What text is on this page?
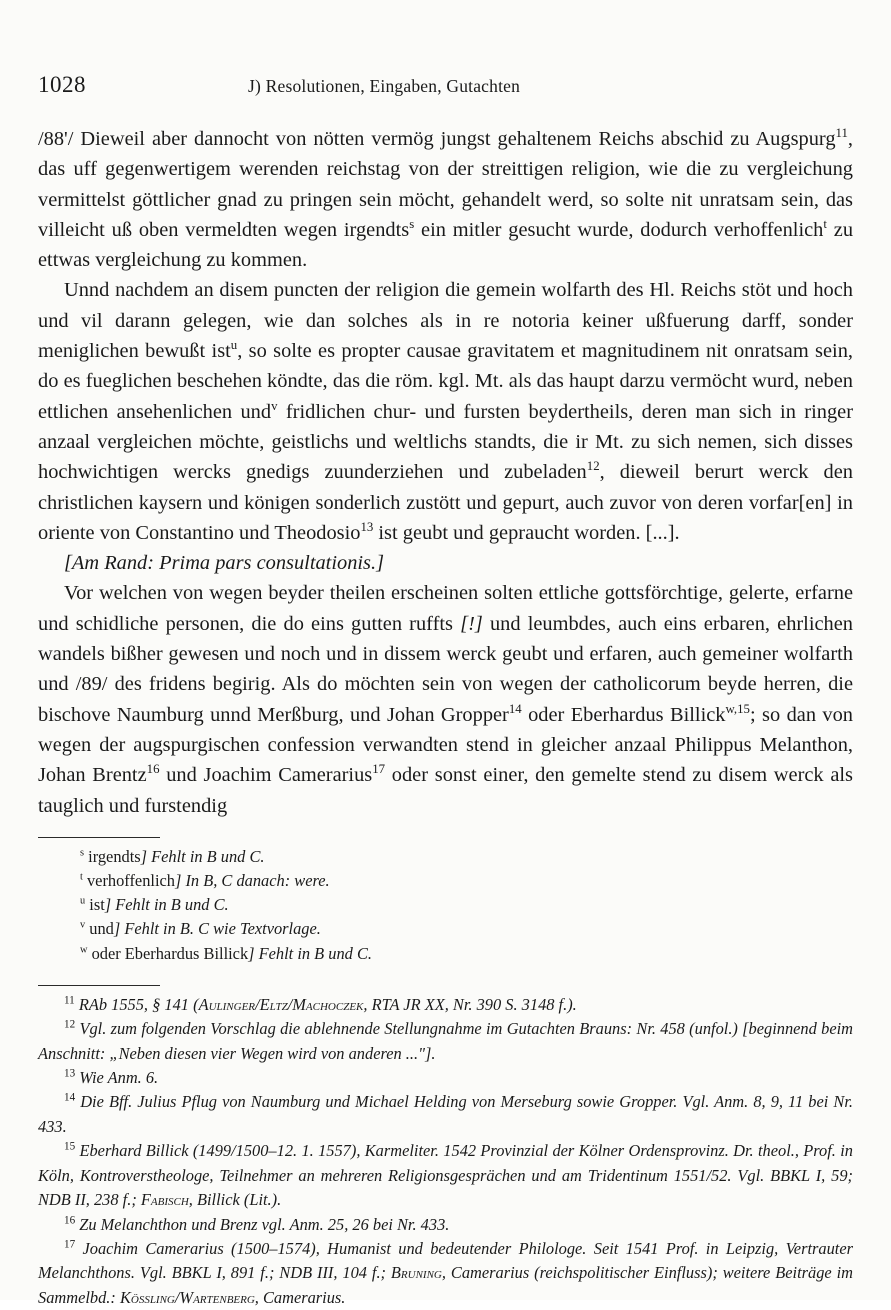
1028	J) Resolutionen, Eingaben, Gutachten

/88'/ Dieweil aber dannocht von nötten vermög jungst gehaltenem Reichs abschid zu Augspurg$^{11}$, das uff gegenwertigem werenden reichstag von der streittigen religion, wie die zu vergleichung vermittelst göttlicher gnad zu pringen sein möcht, gehandelt werd, so solte nit unratsam sein, das villeicht uß oben vermeldten wegen irgendts$^s$ ein mitler gesucht wurde, dodurch verhoffenlich$^t$ zu ettwas vergleichung zu kommen.

Unnd nachdem an disem puncten der religion die gemein wolfarth des Hl. Reichs stöt und hoch und vil darann gelegen, wie dan solches als in re notoria keiner ußfuerung darff, sonder meniglichen bewußt ist$^u$, so solte es propter causae gravitatem et magnitudinem nit onratsam sein, do es fueglichen beschehen köndte, das die röm. kgl. Mt. als das haupt darzu vermöcht wurd, neben ettlichen ansehenlichen und$^v$ fridlichen chur- und fursten beydertheils, deren man sich in ringer anzaal vergleichen möchte, geistlichs und weltlichs standts, die ir Mt. zu sich nemen, sich disses hochwichtigen wercks gnedigs zuunderziehen und zubeladen$^{12}$, dieweil berurt werck den christlichen kaysern und königen sonderlich zustött und gepurt, auch zuvor von deren vorfar[en] in oriente von Constantino und Theodosio$^{13}$ ist geubt und gepraucht worden. [...].

[Am Rand: Prima pars consultationis.]

Vor welchen von wegen beyder theilen erscheinen solten ettliche gottsförchtige, gelerte, erfarne und schidliche personen, die do eins gutten ruffts [!] und leumbdes, auch eins erbaren, ehrlichen wandels bißher gewesen und noch und in dissem werck geubt und erfaren, auch gemeiner wolfarth und /89/ des fridens begirig. Als do möchten sein von wegen der catholicorum beyde herren, die bischove Naumburg unnd Merßburg, und Johan Gropper$^{14}$ oder Eberhardus Billick$^{w,15}$; so dan von wegen der augspurgischen confession verwandten stend in gleicher anzaal Philippus Melanthon, Johan Brentz$^{16}$ und Joachim Camerarius$^{17}$ oder sonst einer, den gemelte stend zu disem werck als tauglich und furstendig

$^s$ irgendts] Fehlt in B und C.

$^t$ verhoffenlich] In B, C danach: were.

$^u$ ist] Fehlt in B und C.

$^v$ und] Fehlt in B. C wie Textvorlage.

$^w$ oder Eberhardus Billick] Fehlt in B und C.

$^{11}$ RAb 1555, § 141 (Aulinger/Eltz/Machoczek, RTA JR XX, Nr. 390 S. 3148 f.).

$^{12}$ Vgl. zum folgenden Vorschlag die ablehnende Stellungnahme im Gutachten Brauns: Nr. 458 (unfol.) [beginnend beim Anschnitt: „Neben diesen vier Wegen wird von anderen ..."].

$^{13}$ Wie Anm. 6.

$^{14}$ Die Bff. Julius Pflug von Naumburg und Michael Helding von Merseburg sowie Gropper. Vgl. Anm. 8, 9, 11 bei Nr. 433.

$^{15}$ Eberhard Billick (1499/1500–12. 1. 1557), Karmeliter. 1542 Provinzial der Kölner Ordensprovinz. Dr. theol., Prof. in Köln, Kontroverstheologe, Teilnehmer an mehreren Religionsgesprächen und am Tridentinum 1551/52. Vgl. BBKL I, 59; NDB II, 238 f.; Fabisch, Billick (Lit.).

$^{16}$ Zu Melanchthon und Brenz vgl. Anm. 25, 26 bei Nr. 433.

$^{17}$ Joachim Camerarius (1500–1574), Humanist und bedeutender Philologe. Seit 1541 Prof. in Leipzig, Vertrauter Melanchthons. Vgl. BBKL I, 891 f.; NDB III, 104 f.; Bruning, Camerarius (reichspolitischer Einfluss); weitere Beiträge im Sammelbd.: Kössling/Wartenberg, Camerarius.
